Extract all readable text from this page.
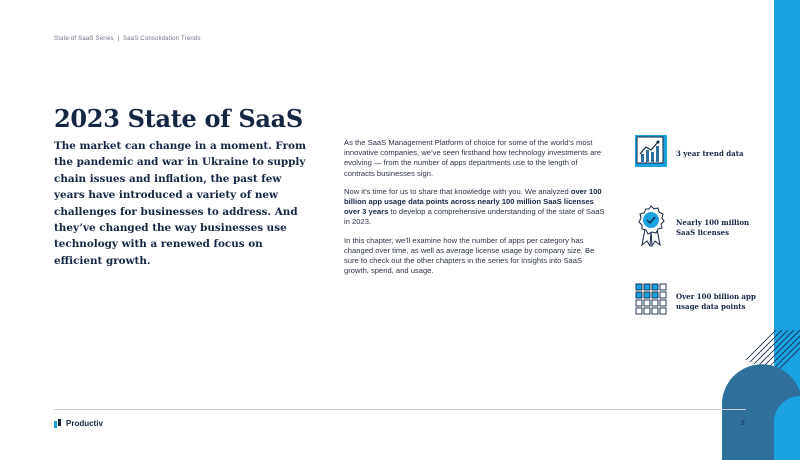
State of SaaS Series | SaaS Consolidation Trends
2023 State of SaaS

The market can change in a moment. From the pandemic and war in Ukraine to supply chain issues and inflation, the past few years have introduced a variety of new challenges for businesses to address. And they’ve changed the way businesses use technology with a renewed focus on efficient growth.

As the SaaS Management Platform of choice for some of the world’s most innovative companies, we’ve seen firsthand how technology investments are evolving — from the number of apps departments use to the length of contracts businesses sign.

Now it’s time for us to share that knowledge with you. We analyzed over 100 billion app usage data points across nearly 100 million SaaS licenses over 3 years to develop a comprehensive understanding of the state of SaaS in 2023.

In this chapter, we’ll examine how the number of apps per category has changed over time, as well as average license usage by company size. Be sure to check out the other chapters in the series for insights into SaaS growth, spend, and usage.

3 year trend data
Nearly 100 million
SaaS licenses
Over 100 billion app
usage data points
Productiv	2
